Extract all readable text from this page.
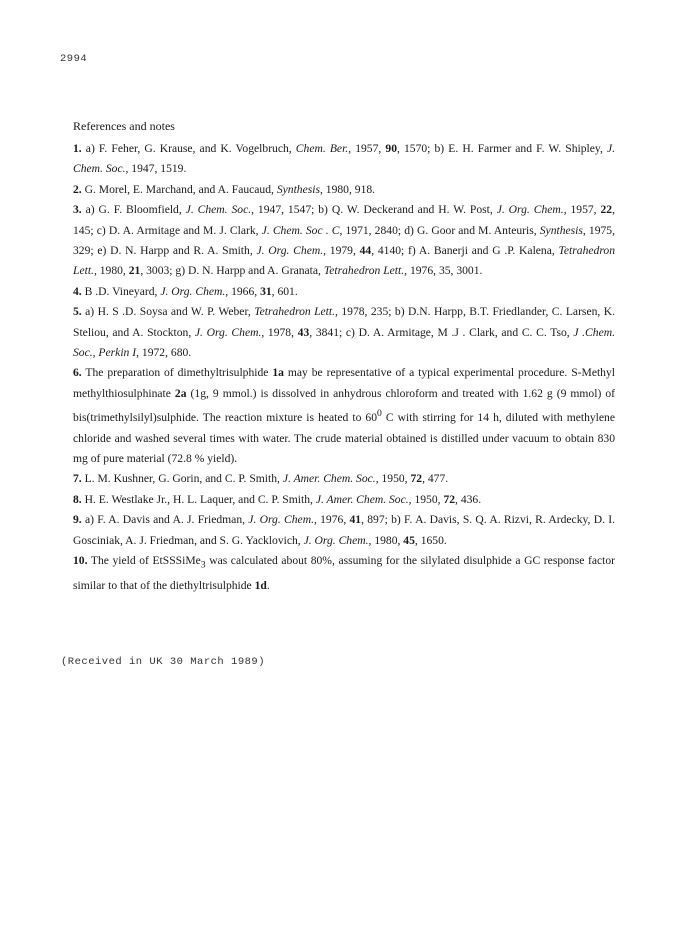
2994
References and notes

1. a) F. Feher, G. Krause, and K. Vogelbruch, Chem. Ber., 1957, 90, 1570; b) E. H. Farmer and F. W. Shipley, J. Chem. Soc., 1947, 1519.

2. G. Morel, E. Marchand, and A. Faucaud, Synthesis, 1980, 918.

3. a) G. F. Bloomfield, J. Chem. Soc., 1947, 1547; b) Q. W. Deckerand and H. W. Post, J. Org. Chem., 1957, 22, 145; c) D. A. Armitage and M. J. Clark, J. Chem. Soc . C, 1971, 2840; d) G. Goor and M. Anteuris, Synthesis, 1975, 329; e) D. N. Harpp and R. A. Smith, J. Org. Chem., 1979, 44, 4140; f) A. Banerji and G .P. Kalena, Tetrahedron Lett., 1980, 21, 3003; g) D. N. Harpp and A. Granata, Tetrahedron Lett., 1976, 35, 3001.

4. B .D. Vineyard, J. Org. Chem., 1966, 31, 601.

5. a) H. S .D. Soysa and W. P. Weber, Tetrahedron Lett., 1978, 235; b) D.N. Harpp, B.T. Friedlander, C. Larsen, K. Steliou, and A. Stockton, J. Org. Chem., 1978, 43, 3841; c) D. A. Armitage, M .J . Clark, and C. C. Tso, J .Chem. Soc., Perkin I, 1972, 680.

6. The preparation of dimethyltrisulphide 1a may be representative of a typical experimental procedure. S-Methyl methylthiosulphinate 2a (1g, 9 mmol.) is dissolved in anhydrous chloroform and treated with 1.62 g (9 mmol) of bis(trimethylsilyl)sulphide. The reaction mixture is heated to $60^0$ C with stirring for 14 h, diluted with methylene chloride and washed several times with water. The crude material obtained is distilled under vacuum to obtain 830 mg of pure material (72.8 % yield).

7. L. M. Kushner, G. Gorin, and C. P. Smith, J. Amer. Chem. Soc., 1950, 72, 477.

8. H. E. Westlake Jr., H. L. Laquer, and C. P. Smith, J. Amer. Chem. Soc., 1950, 72, 436.

9. a) F. A. Davis and A. J. Friedman, J. Org. Chem., 1976, 41, 897; b) F. A. Davis, S. Q. A. Rizvi, R. Ardecky, D. I. Gosciniak, A. J. Friedman, and S. G. Yacklovich, J. Org. Chem., 1980, 45, 1650.

10. The yield of EtSSSiMe$_3$ was calculated about 80%, assuming for the silylated disulphide a GC response factor similar to that of the diethyltrisulphide 1d.

(Received in UK 30 March 1989)
